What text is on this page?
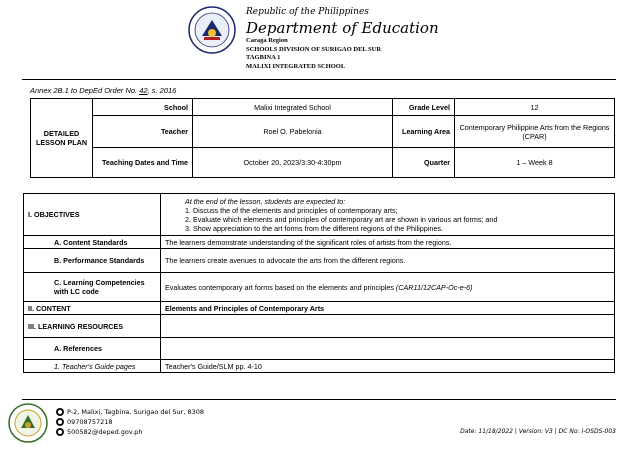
Republic of the Philippines
Department of Education
Caraga Region
SCHOOLS DIVISION OF SURIGAO DEL SUR
TAGBINA 1
MALIXI INTEGRATED SCHOOL
Annex 2B.1 to DepEd Order No. 42, s. 2016
DETAILED LESSON PLAN	School	Malixi Integrated School	Grade Level	12
	Teacher	Roel O. Pabelonia	Learning Area	Contemporary Philippine Arts from the Regions (CPAR)
	Teaching Dates and Time	October 20, 2023/3:30-4:30pm	Quarter	1 – Week 8
I. OBJECTIVES	At the end of the lesson, students are expected to:
1. Discuss the of the elements and principles of contemporary arts;
2. Evaluate which elements and principles of contemporary art are shown in various art forms; and
3. Show appreciation to the art forms from the different regions of the Philippines.

A. Content Standards	The learners demonstrate understanding of the significant roles of artists from the regions.
B. Performance Standards	The learners create avenues to advocate the arts from the different regions.
C. Learning Competencies with LC code	Evaluates contemporary art forms based on the elements and principles (CAR11/12CAP-Oc-e-6)
II. CONTENT	Elements and Principles of Contemporary Arts
III. LEARNING RESOURCES	
A. References	
1. Teacher's Guide pages	Teacher's Guide/SLM pp. 4-10
P-2, Malixi, Tagbina, Surigao del Sur, 8308
09708757218
500582@deped.gov.ph	Date: 11/18/2022 | Version: V3 | DC No: I-OSDS-003
